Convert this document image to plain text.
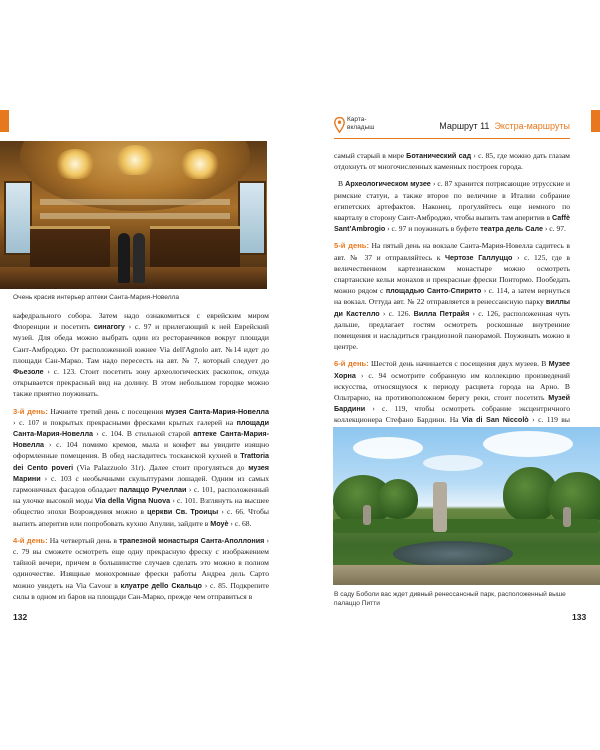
Очень красив интерьер аптеки Санта-Мария-Новелла

кафедрального собора. Затем надо ознакомиться с еврейским миром Флоренции и посетить синагогу › с. 97 и прилегающий к ней Еврейский музей. Для обеда можно выбрать один из ресторанчиков вокруг площади Сант-Амброджо. От расположенной южнее Via dell'Agnolo авт. №14 идет до площади Сан-Марко. Там надо пересесть на авт. № 7, который следует до Фьезоле › с. 123. Стоит посетить зону археологических раскопок, откуда открывается прекрасный вид на долину. В этом небольшом городке можно также приятно поужинать.

3-й день: Начните третий день с посещения музея Санта-Мария-Новелла › с. 107 и покрытых прекрасными фресками крытых галерей на площади Санта-Мария-Новелла › с. 104. В стильной старой аптеке Санта-Мария-Новелла › с. 104 помимо кремов, мыла и конфет вы увидите изящно оформленные помещения. В обед насладитесь тосканской кухней в Trattoria dei Cento poveri (Via Palazzuolo 31r). Далее стоит прогуляться до музея Марини › с. 103 с необычными скульптурами лошадей. Одним из самых гармоничных фасадов обладает палаццо Ручеллаи › с. 101, расположенный на улочке высокой моды Via della Vigna Nuova › с. 101. Взглянуть на высшее обществo эпохи Возрождения можно в церкви Св. Троицы › с. 66. Чтобы выпить аперитив или попробовать кухню Апулии, зайдите в Моуѐ › с. 68.

4-й день: На четвертый день в трапезной монастыря Санта-Аполлония › с. 79 вы сможете осмотреть еще одну прекрасную фреску с изображением тайной вечери, причем в большинстве случаев сделать это можно в полном одиночестве. Изящные монохромные фрески работы Андреа дель Сарто можно увидеть на Via Cavour в клуатре дello Скальцо › с. 85. Подкрепите силы в одном из баров на площади Сан-Марко, прежде чем отправиться в

132
Карта-
вкладыш	Маршрут 11 Экстра-маршруты

самый старый в мире Ботанический сад › с. 85, где можно дать глазам отдохнуть от многочисленных каменных построек города.

В Археологическом музее › с. 87 хранится потрясающие этрусские и римские статуи, а также второе по величине в Италии собрание египетских артефактов. Наконец, прогуляйтесь еще немного по кварталу в сторону Сант-Амброджо, чтобы выпить там аперитив в Caffè Sant'Ambrogio › с. 97 и поужинать в буфете театра дель Сале › с. 97.

5-й день: На пятый день на вокзале Санта-Мария-Новелла садитесь в авт. № 37 и отправляйтесь к Чертозе Галлуццо › с. 125, где в величественном картезианском монастыре можно осмотреть спартанские кельи монахов и прекрасные фрески Понтормо. Пообедать можно рядом с площадью Санто-Спирито › с. 114, а затем вернуться на вокзал. Оттуда авт. № 22 отправляется в ренессансную парку виллы ди Кастелло › с. 126. Вилла Петрайя › с. 126, расположенная чуть дальше, предлагает гостям осмотреть роскошные внутренние помещения и насладиться грандиозной панорамой. Поужинать можно в центре.

6-й день: Шестой день начинается с посещения двух музеев. В Музее Хорна › с. 94 осмотрите собранную им коллекцию произведений искусства, относящуюся к периоду расцвета города на Арно. В Ольтрарно, на противоположном берегу реки, стоит посетить Музей Бардини › с. 119, чтобы осмотреть собрание эксцентричного коллекционера Стефано Бардини. На Via di San Niccolò › с. 119 вы

В саду Боболи вас ждет дивный ренессансный парк, расположенный выше палаццо Питти
133
